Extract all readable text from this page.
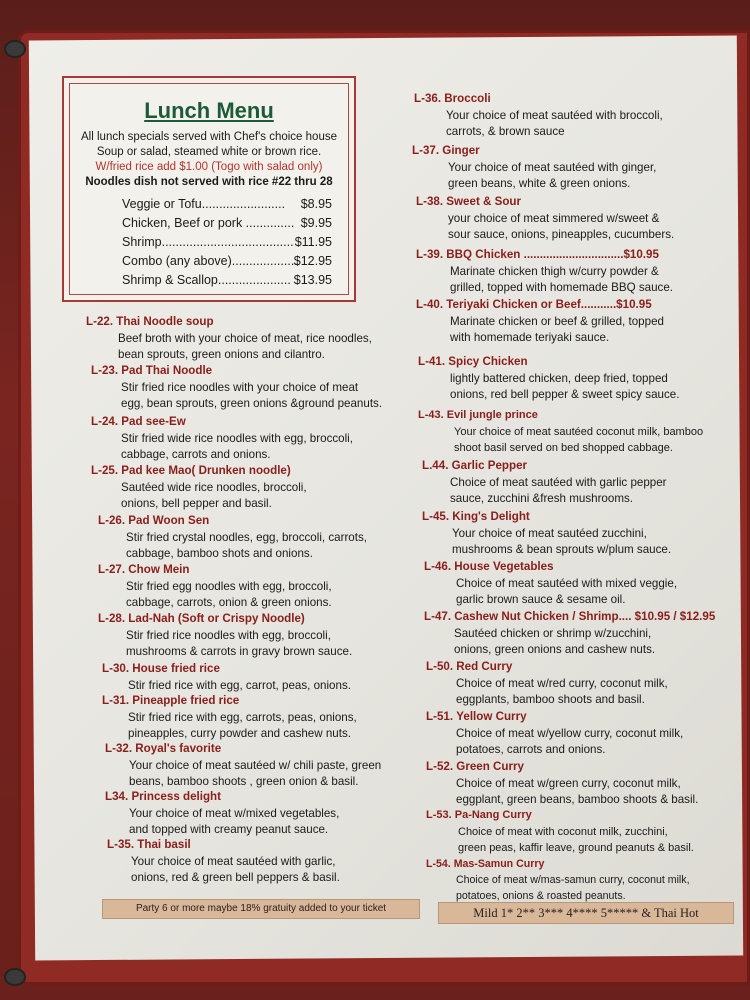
Lunch Menu
All lunch specials served with Chef's choice house
Soup or salad, steamed white or brown rice.
W/fried rice add $1.00 (Togo with salad only)
Noodles dish not served with rice #22 thru 28
Veggie or Tofu........................ $8.95
Chicken, Beef or pork .............. $9.95
Shrimp...................................... $11.95
Combo (any above)...................
$12.95
Shrimp & Scallop..................... $13.95
L-22. Thai Noodle soup
Beef broth with your choice of meat, rice noodles,
bean sprouts, green onions and cilantro.
L-23. Pad Thai Noodle
Stir fried rice noodles with your choice of meat
egg, bean sprouts, green onions &ground peanuts.
L-24. Pad see-Ew
Stir fried wide rice noodles with egg, broccoli,
cabbage, carrots and onions.
L-25. Pad kee Mao( Drunken noodle)
Sautéed wide rice noodles, broccoli,
onions, bell pepper and basil.
L-26. Pad Woon Sen
Stir fried crystal noodles, egg, broccoli, carrots,
cabbage, bamboo shots and onions.
L-27. Chow Mein
Stir fried egg noodles with egg, broccoli,
cabbage, carrots, onion & green onions.
L-28. Lad-Nah (Soft or Crispy Noodle)
Stir fried rice noodles with egg, broccoli,
mushrooms & carrots in gravy brown sauce.
L-30. House fried rice
Stir fried rice with egg, carrot, peas, onions.
L-31. Pineapple fried rice
Stir fried rice with egg, carrots, peas, onions,
pineapples, curry powder and cashew nuts.
L-32. Royal's favorite
Your choice of meat sautéed w/ chili paste, green
beans, bamboo shoots , green onion & basil.
L34. Princess delight
Your choice of meat w/mixed vegetables,
and topped with creamy peanut sauce.
L-35. Thai basil
Your choice of meat sautéed with garlic,
onions, red & green bell peppers & basil.
L-36. Broccoli
Your choice of meat sautéed with broccoli,
carrots, & brown sauce
L-37. Ginger
Your choice of meat sautéed with ginger,
green beans, white & green onions.
L-38. Sweet & Sour
your choice of meat simmered w/sweet &
sour sauce, onions, pineapples, cucumbers.
L-39. BBQ Chicken ...............................$10.95
Marinate chicken thigh w/curry powder &
grilled, topped with homemade BBQ sauce.
L-40. Teriyaki Chicken or Beef...........$10.95
Marinate chicken or beef & grilled, topped
with homemade teriyaki sauce.
L-41. Spicy Chicken
lightly battered chicken, deep fried, topped
onions, red bell pepper & sweet spicy sauce.
L-43. Evil jungle prince
Your choice of meat sautéed coconut milk, bamboo
shoot basil served on bed shopped cabbage.
L.44. Garlic Pepper
Choice of meat sautéed with garlic pepper
sauce, zucchini &fresh mushrooms.
L-45. King's Delight
Your choice of meat sautéed zucchini,
mushrooms & bean sprouts w/plum sauce.
L-46. House Vegetables
Choice of meat sautéed with mixed veggie,
garlic brown sauce & sesame oil.
L-47. Cashew Nut Chicken / Shrimp.... $10.95 / $12.95
Sautéed chicken or shrimp w/zucchini,
onions, green onions and cashew nuts.
L-50. Red Curry
Choice of meat w/red curry, coconut milk,
eggplants, bamboo shoots and basil.
L-51. Yellow Curry
Choice of meat w/yellow curry, coconut milk,
potatoes, carrots and onions.
L-52. Green Curry
Choice of meat w/green curry, coconut milk,
eggplant, green beans, bamboo shoots & basil.
L-53. Pa-Nang Curry
Choice of meat with coconut milk, zucchini,
green peas, kaffir leave, ground peanuts & basil.
L-54. Mas-Samun Curry
Choice of meat w/mas-samun curry, coconut milk,
potatoes, onions & roasted peanuts.
Party 6 or more maybe 18% gratuity added to your ticket	Mild 1* 2** 3*** 4**** 5***** & Thai Hot
